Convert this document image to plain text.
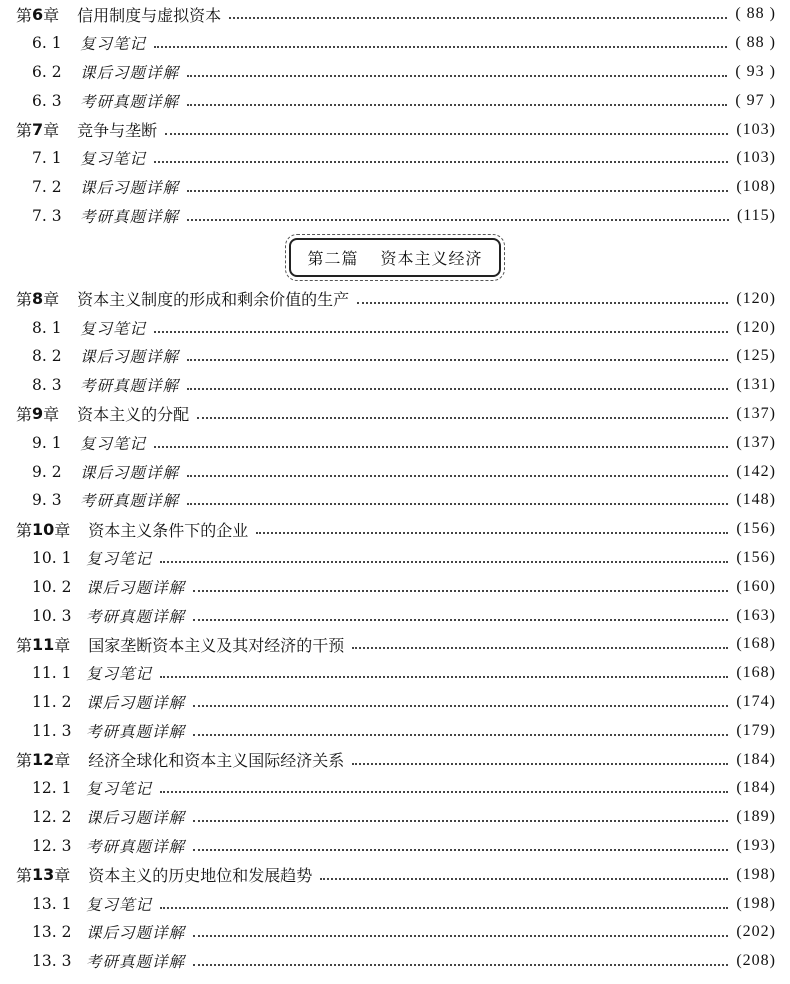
第 6 章 信用制度与虚拟资本	( 88 )
6. 1	复习笔记	( 88 )
6. 2	课后习题详解	( 93 )
6. 3	考研真题详解	( 97 )
第 7 章 竞争与垄断	(103)
7. 1	复习笔记	(103)
7. 2	课后习题详解	(108)
7. 3	考研真题详解	(115)
第二篇 资本主义经济
第 8 章 资本主义制度的形成和剩余价值的生产	(120)
8. 1	复习笔记	(120)
8. 2	课后习题详解	(125)
8. 3	考研真题详解	(131)
第 9 章 资本主义的分配	(137)
9. 1	复习笔记	(137)
9. 2	课后习题详解	(142)
9. 3	考研真题详解	(148)
第 10 章 资本主义条件下的企业	(156)
10. 1 复习笔记	(156)
10. 2 课后习题详解	(160)
10. 3 考研真题详解	(163)
第 11 章 国家垄断资本主义及其对经济的干预	(168)
11. 1 复习笔记	(168)
11. 2 课后习题详解	(174)
11. 3 考研真题详解	(179)
第 12 章 经济全球化和资本主义国际经济关系	(184)
12. 1 复习笔记	(184)
12. 2 课后习题详解	(189)
12. 3 考研真题详解	(193)
第 13 章 资本主义的历史地位和发展趋势	(198)
13. 1 复习笔记	(198)
13. 2 课后习题详解	(202)
13. 3 考研真题详解	(208)
